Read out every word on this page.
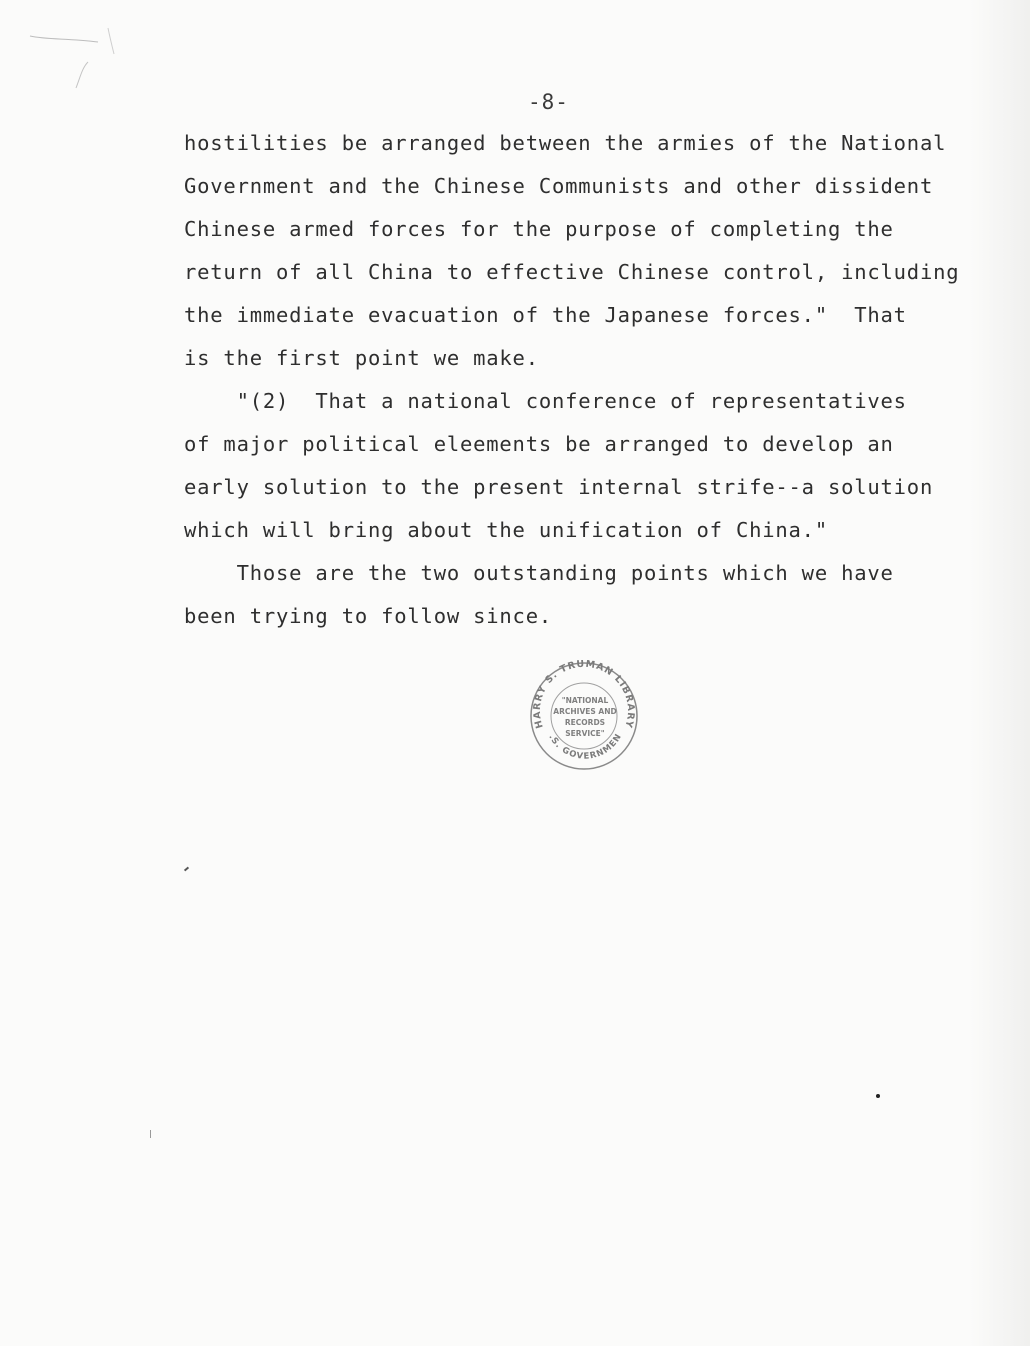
-8-
hostilities be arranged between the armies of the National
Government and the Chinese Communists and other dissident
Chinese armed forces for the purpose of completing the
return of all China to effective Chinese control, including
the immediate evacuation of the Japanese forces."  That
is the first point we make.
"(2)  That a national conference of representatives
of major political eleements be arranged to develop an
early solution to the present internal strife--a solution
which will bring about the unification of China."
Those are the two outstanding points which we have
been trying to follow since.
HARRY S. TRUMAN LIBRARY
.S. GOVERNMEN
"NATIONAL
ARCHIVES AND
RECORDS
SERVICE"
